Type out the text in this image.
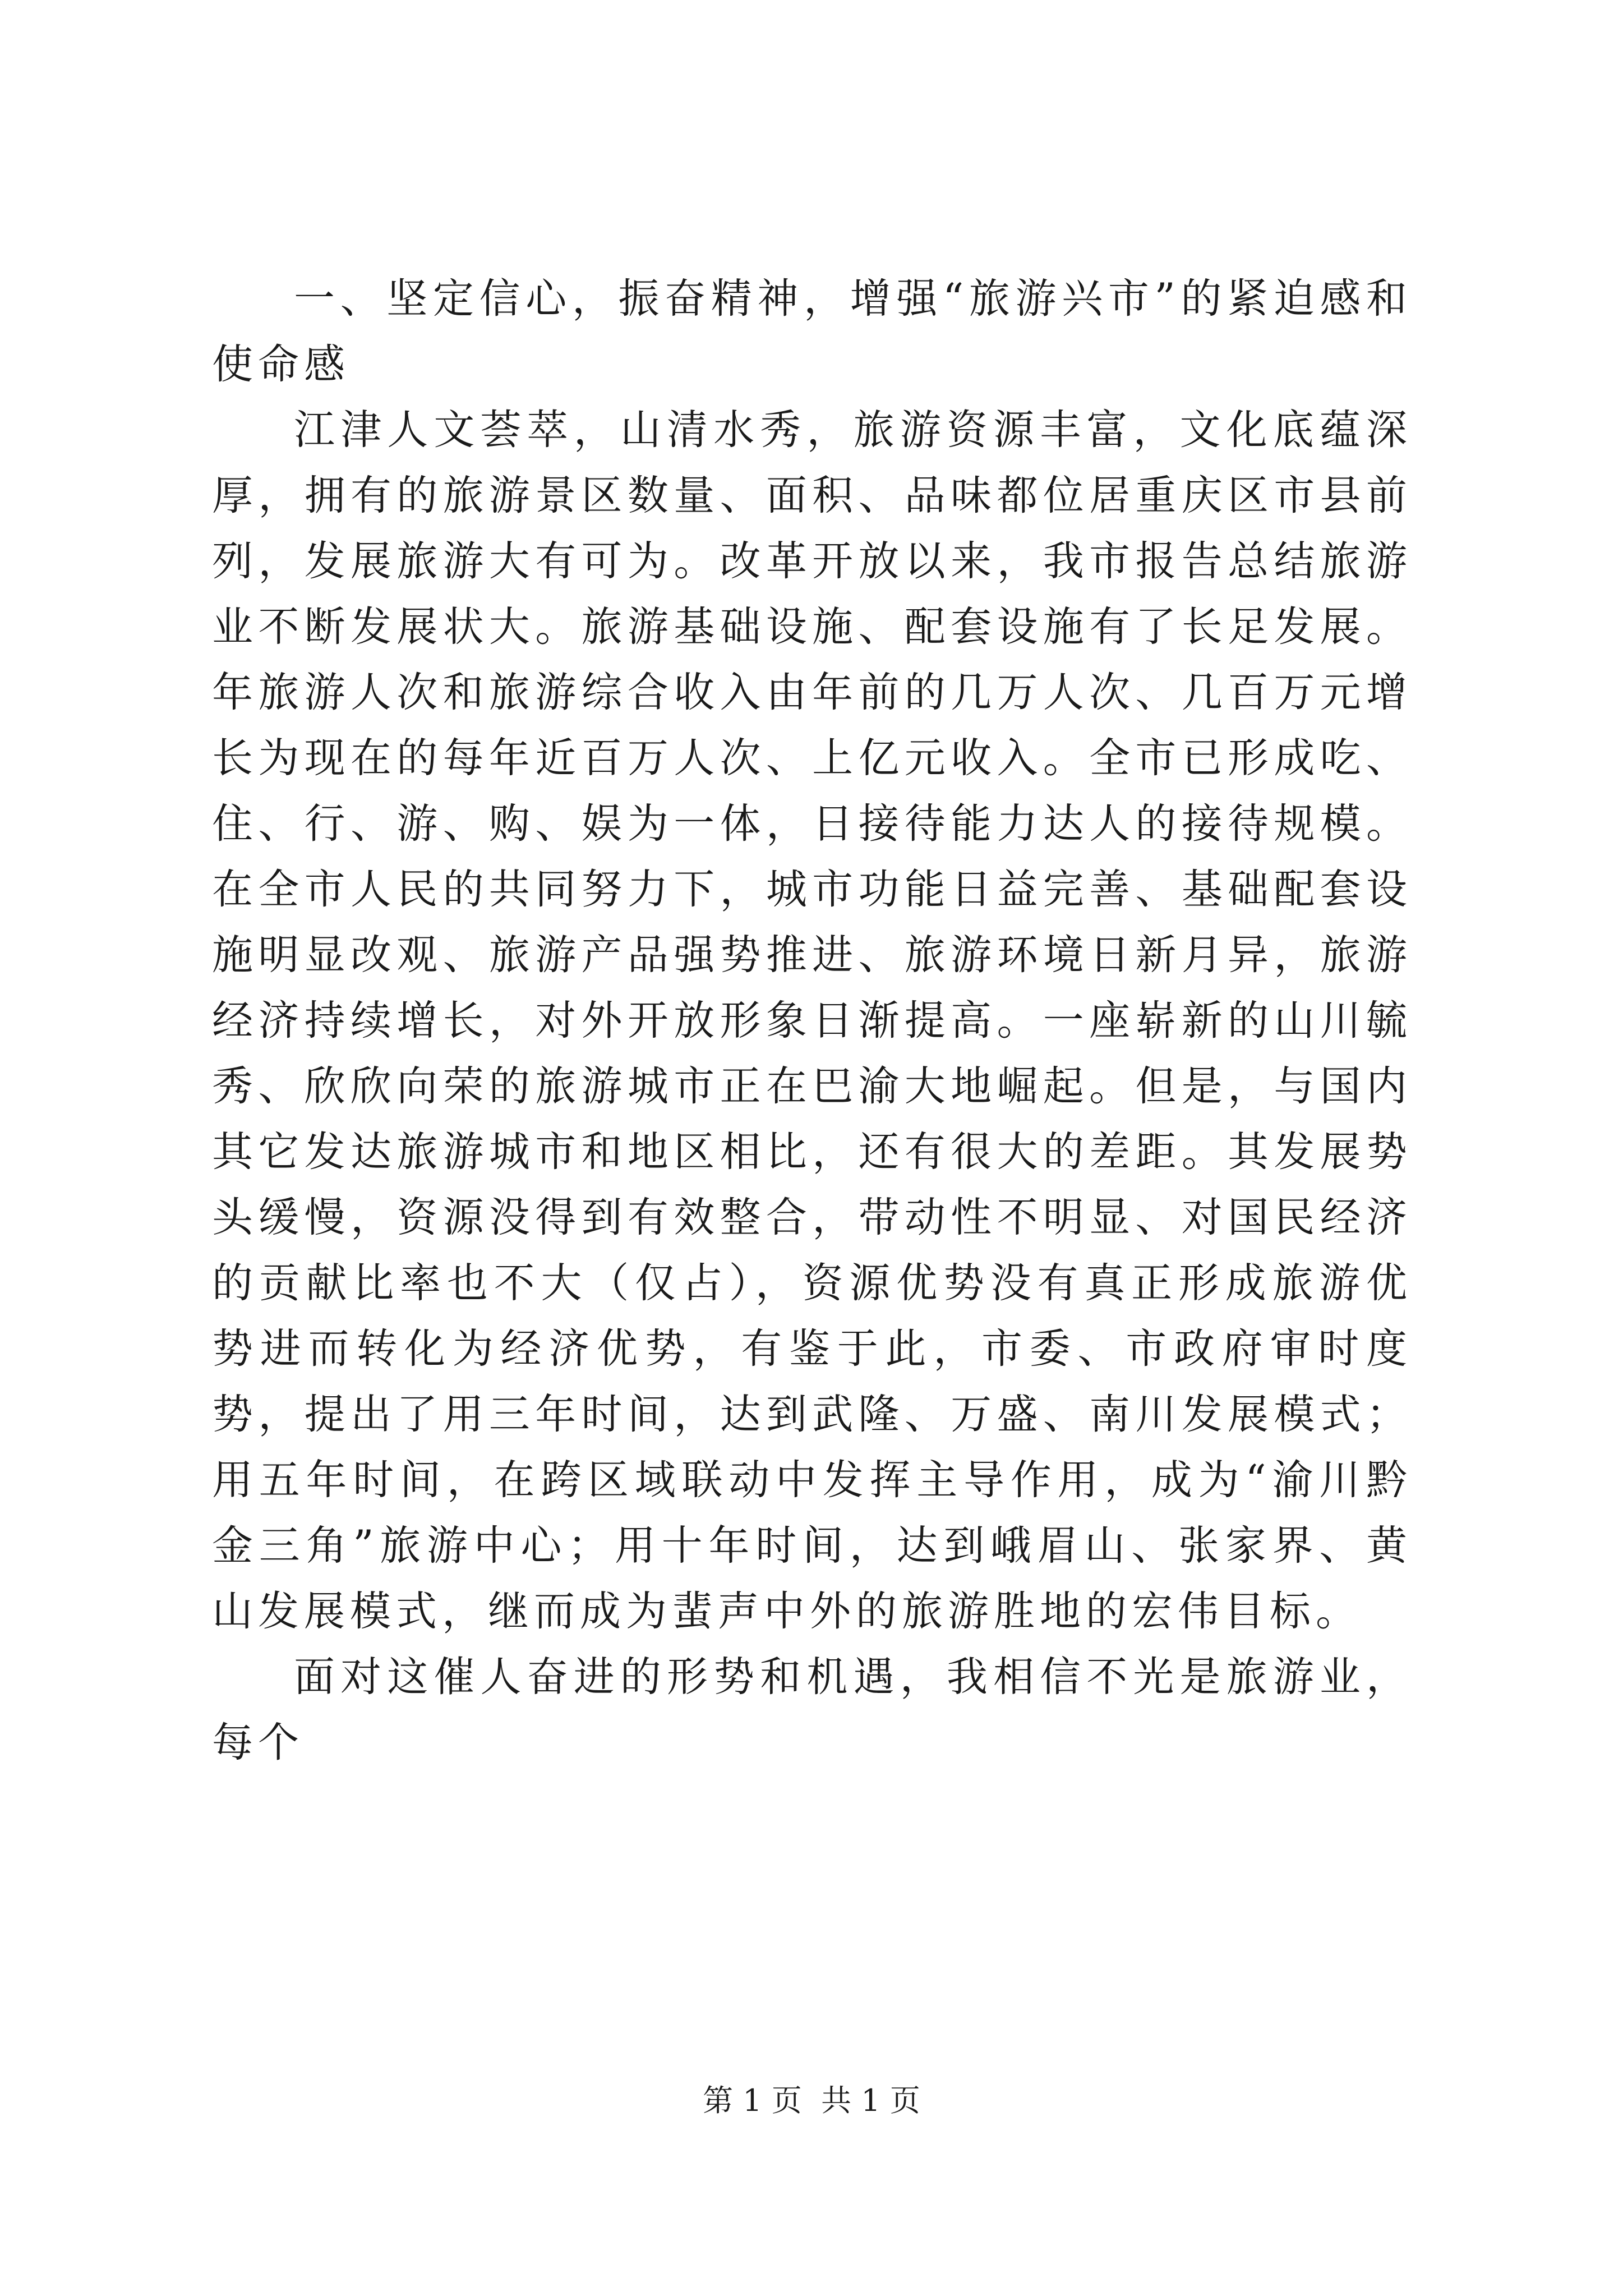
一、坚定信心，振奋精神，增强“旅游兴市”的紧迫感和使命感

江津人文荟萃，山清水秀，旅游资源丰富，文化底蕴深厚，拥有的旅游景区数量、面积、品味都位居重庆区市县前列，发展旅游大有可为。改革开放以来，我市报告总结旅游业不断发展状大。旅游基础设施、配套设施有了长足发展。年旅游人次和旅游综合收入由年前的几万人次、几百万元增长为现在的每年近百万人次、上亿元收入。全市已形成吃、住、行、游、购、娱为一体，日接待能力达人的接待规模。在全市人民的共同努力下，城市功能日益完善、基础配套设施明显改观、旅游产品强势推进、旅游环境日新月异，旅游经济持续增长，对外开放形象日渐提高。一座崭新的山川毓秀、欣欣向荣的旅游城市正在巴渝大地崛起。但是，与国内其它发达旅游城市和地区相比，还有很大的差距。其发展势头缓慢，资源没得到有效整合，带动性不明显、对国民经济的贡献比率也不大（仅占），资源优势没有真正形成旅游优势进而转化为经济优势，有鉴于此，市委、市政府审时度势，提出了用三年时间，达到武隆、万盛、南川发展模式；用五年时间，在跨区域联动中发挥主导作用，成为“渝川黔金三角”旅游中心；用十年时间，达到峨眉山、张家界、黄山发展模式，继而成为蜚声中外的旅游胜地的宏伟目标。

面对这催人奋进的形势和机遇，我相信不光是旅游业，每个

第 1 页  共 1 页
